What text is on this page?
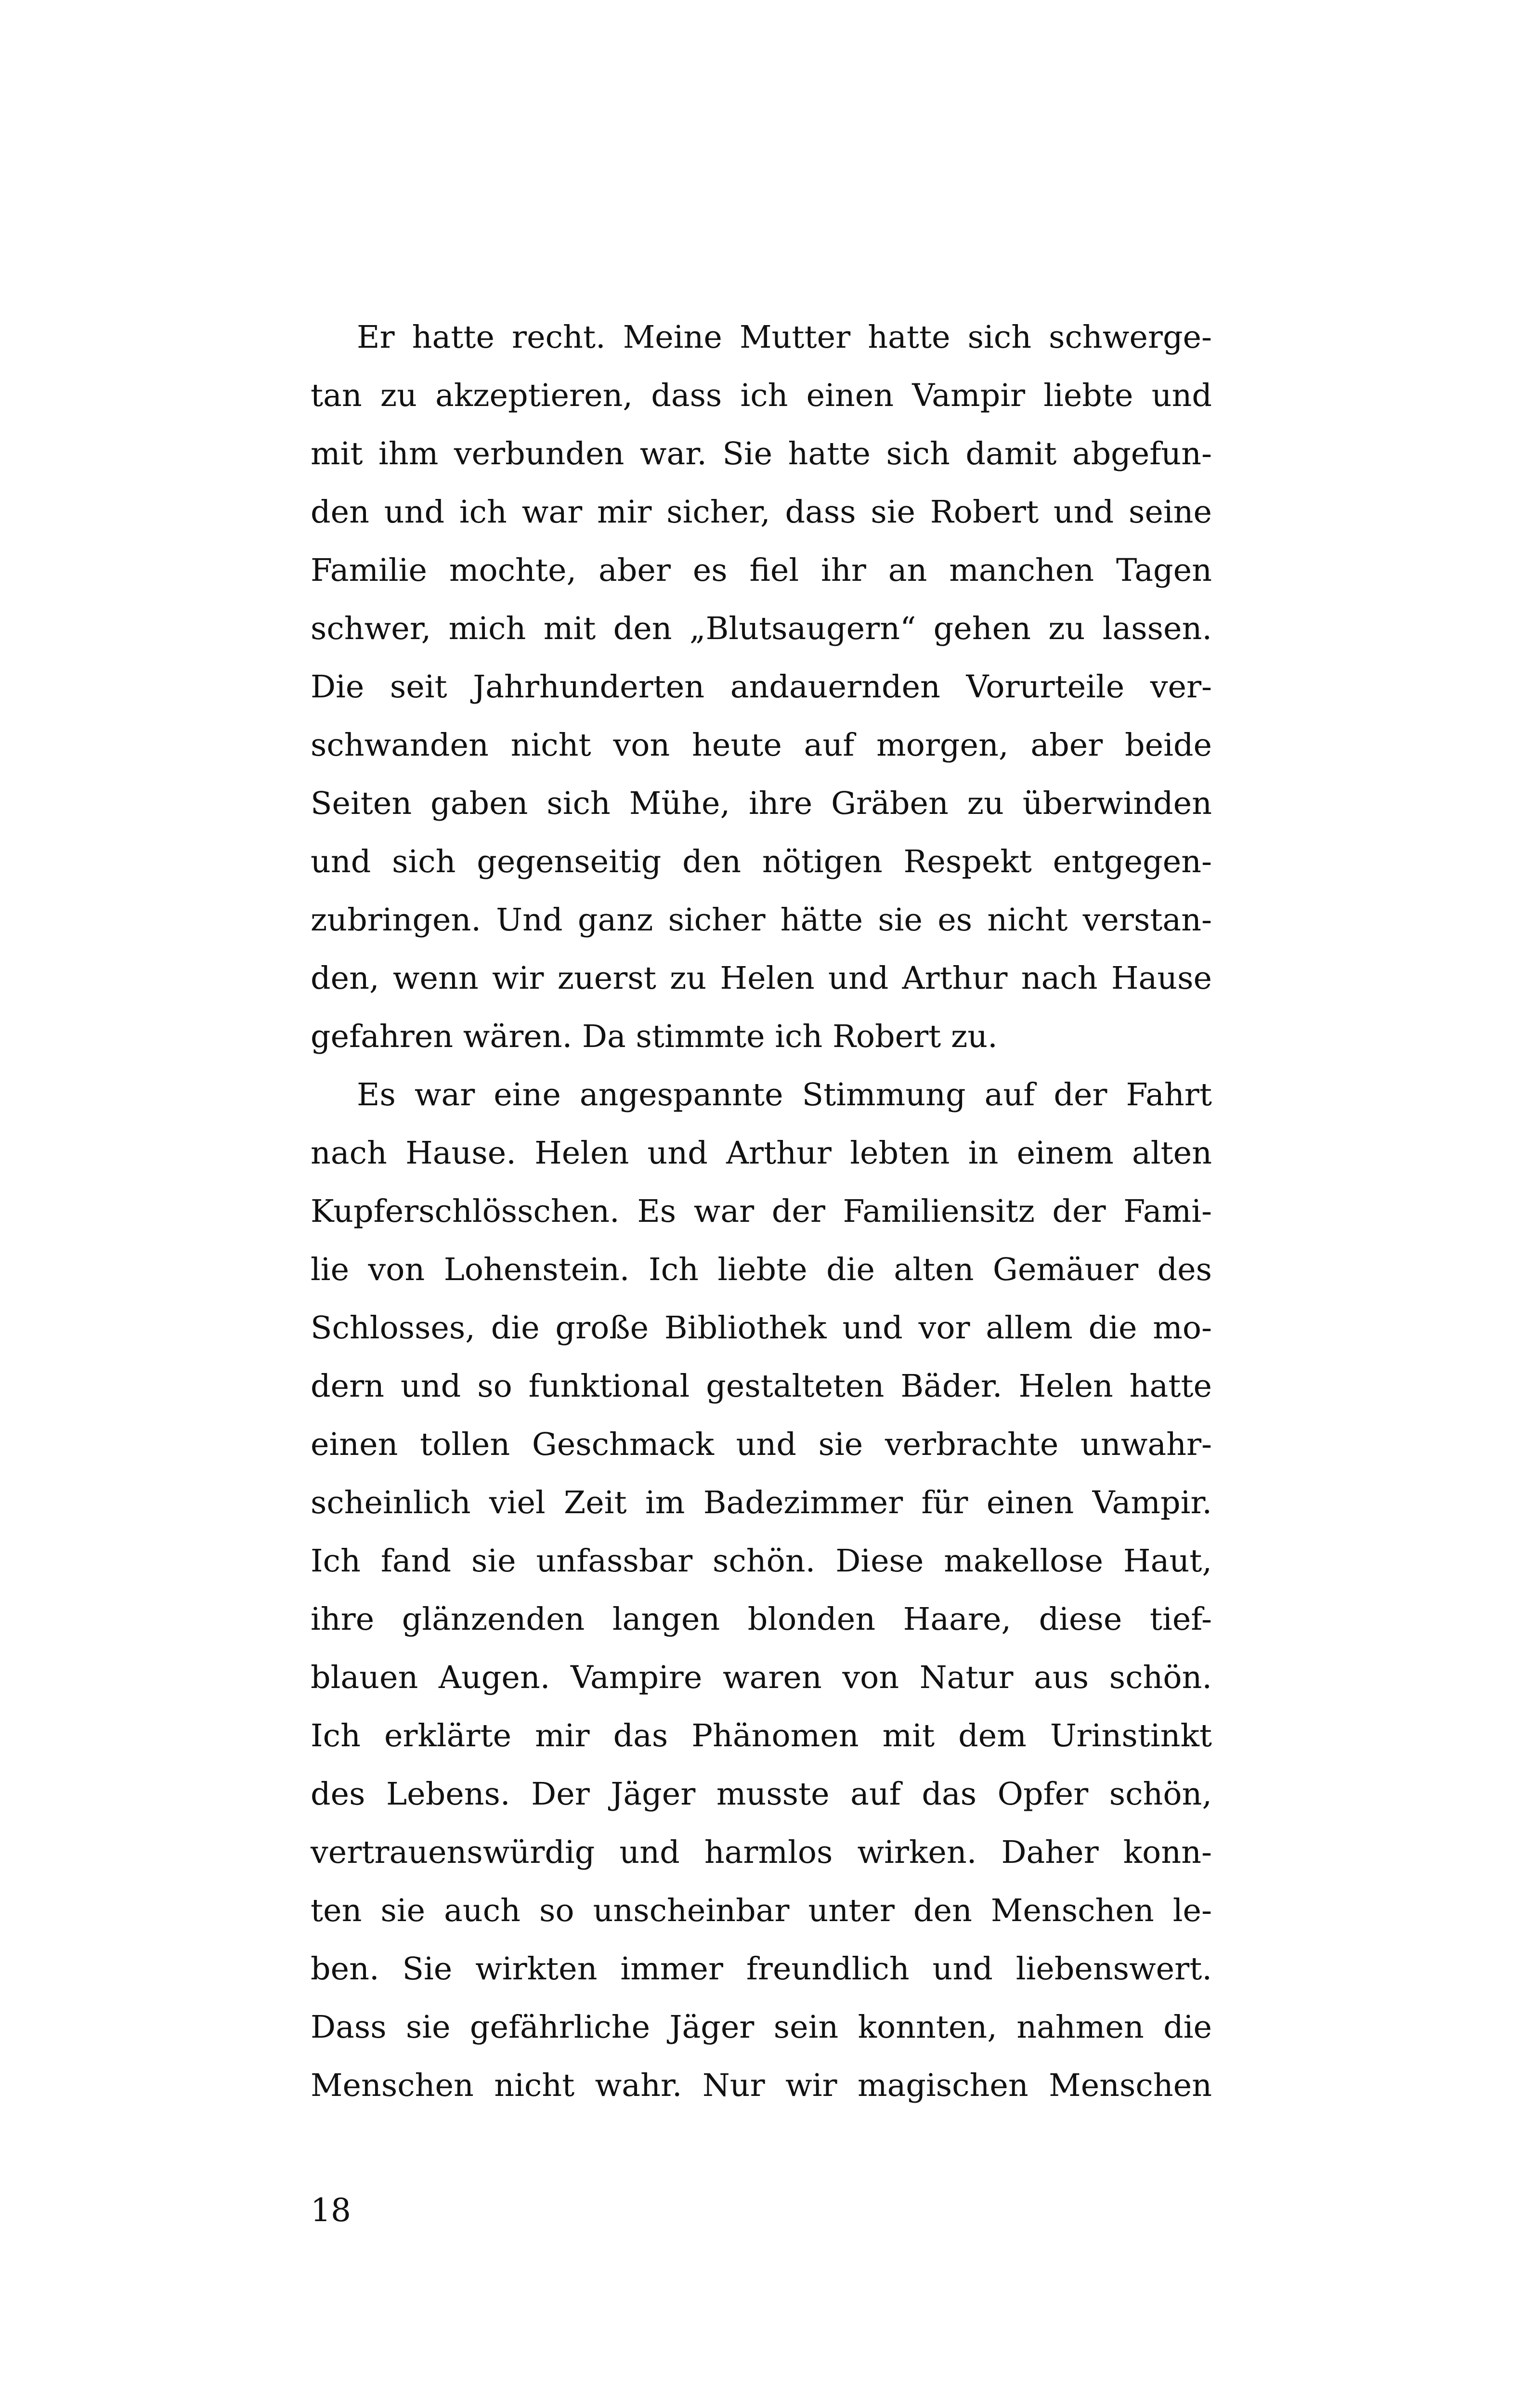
Er hatte recht. Meine Mutter hatte sich schwerge-
tan zu akzeptieren, dass ich einen Vampir liebte und
mit ihm verbunden war. Sie hatte sich damit abgefun-
den und ich war mir sicher, dass sie Robert und seine
Familie mochte, aber es fiel ihr an manchen Tagen
schwer, mich mit den „Blutsaugern“ gehen zu lassen.
Die seit Jahrhunderten andauernden Vorurteile ver-
schwanden nicht von heute auf morgen, aber beide
Seiten gaben sich Mühe, ihre Gräben zu überwinden
und sich gegenseitig den nötigen Respekt entgegen-
zubringen. Und ganz sicher hätte sie es nicht verstan-
den, wenn wir zuerst zu Helen und Arthur nach Hause
gefahren wären. Da stimmte ich Robert zu.
Es war eine angespannte Stimmung auf der Fahrt
nach Hause. Helen und Arthur lebten in einem alten
Kupferschlösschen. Es war der Familiensitz der Fami-
lie von Lohenstein. Ich liebte die alten Gemäuer des
Schlosses, die große Bibliothek und vor allem die mo-
dern und so funktional gestalteten Bäder. Helen hatte
einen tollen Geschmack und sie verbrachte unwahr-
scheinlich viel Zeit im Badezimmer für einen Vampir.
Ich fand sie unfassbar schön. Diese makellose Haut,
ihre glänzenden langen blonden Haare, diese tief-
blauen Augen. Vampire waren von Natur aus schön.
Ich erklärte mir das Phänomen mit dem Urinstinkt
des Lebens. Der Jäger musste auf das Opfer schön,
vertrauenswürdig und harmlos wirken. Daher konn-
ten sie auch so unscheinbar unter den Menschen le-
ben. Sie wirkten immer freundlich und liebenswert.
Dass sie gefährliche Jäger sein konnten, nahmen die
Menschen nicht wahr. Nur wir magischen Menschen
18
